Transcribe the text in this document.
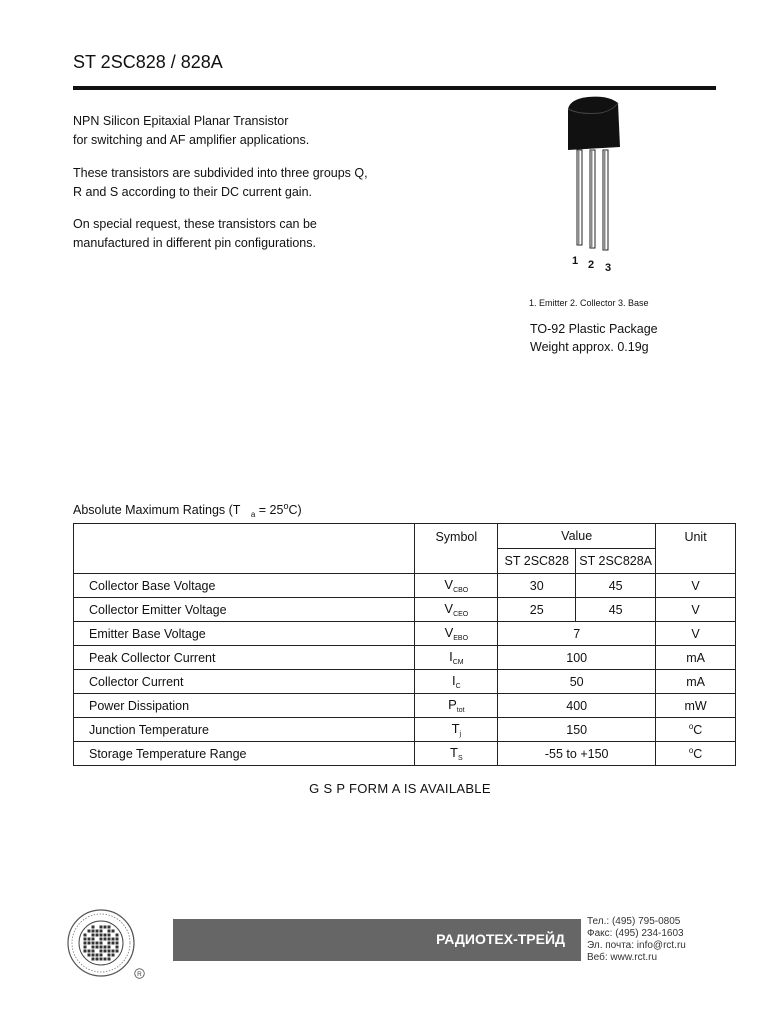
ST 2SC828 / 828A
NPN Silicon Epitaxial Planar Transistor
for switching and AF amplifier applications.
These transistors are subdivided into three groups Q,
R and S according to their DC current gain.
On special request, these transistors can be
manufactured in different pin configurations.
1 2 3
1. Emitter 2. Collector 3. Base
TO-92 Plastic Package
Weight approx. 0.19g
Absolute Maximum Ratings (T $_a = 25^oC$)
	Symbol	Value		Unit
		ST 2SC828	ST 2SC828A	
Collector Base Voltage	$V_{CBO}$	30	45	V
Collector Emitter Voltage	$V_{CEO}$	25	45	V
Emitter Base Voltage	$V_{EBO}$	7		V
Peak Collector Current	$I_{CM}$	100		mA
Collector Current	$I_C$	50		mA
Power Dissipation	$P_{tot}$	400		mW
Junction Temperature	$T_j$	150		$^o$C
Storage Temperature Range	$T_S$	-55 to +150		$^o$C
G S P FORM A IS AVAILABLE
R
РАДИОТЕХ-ТРЕЙД
Тел.: (495) 795-0805
Факс: (495) 234-1603
Эл. почта: info@rct.ru
Веб: www.rct.ru
